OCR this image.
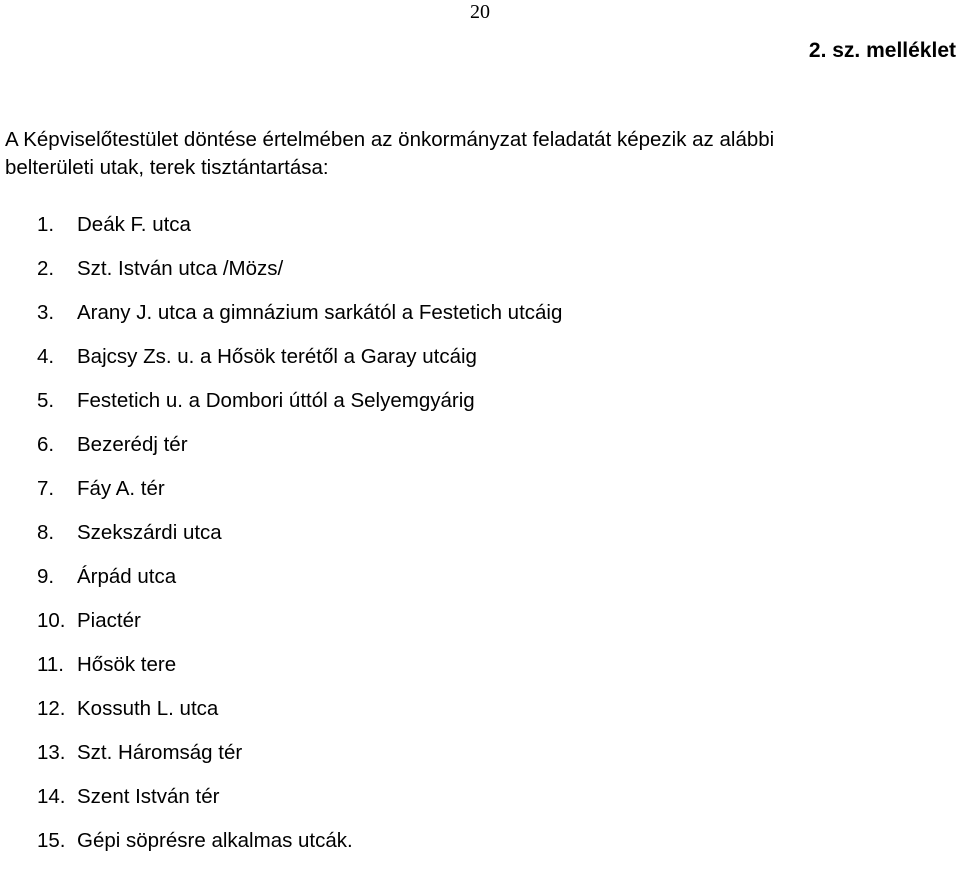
20
2. sz. melléklet
A Képviselőtestület döntése értelmében az önkormányzat feladatát képezik az alábbi
belterületi utak, terek tisztántartása:
1.	Deák F. utca
2.	Szt. István utca /Mözs/
3.	Arany J. utca a gimnázium sarkától a Festetich utcáig
4.	Bajcsy Zs. u. a Hősök terétől a Garay utcáig
5.	Festetich u. a Dombori úttól a Selyemgyárig
6.	Bezerédj tér
7.	Fáy A. tér
8.	Szekszárdi utca
9.	Árpád utca
10. Piactér
11. Hősök tere
12. Kossuth L. utca
13. Szt. Háromság tér
14. Szent István tér
15. Gépi söprésre alkalmas utcák.
